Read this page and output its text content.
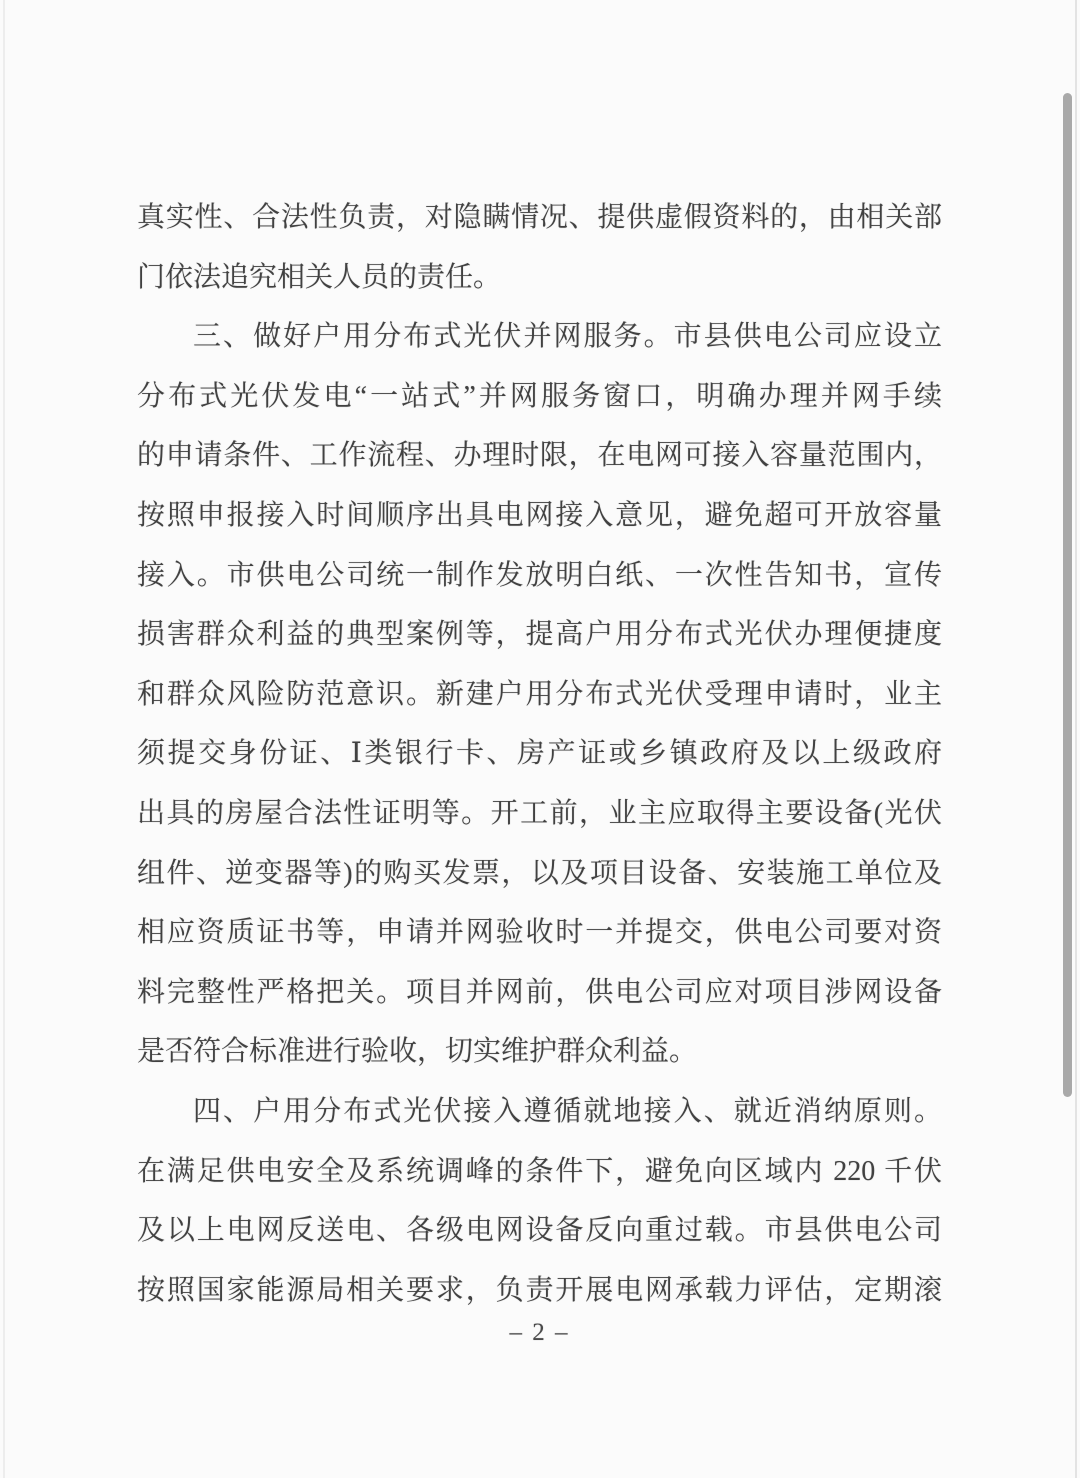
真实性、合法性负责，对隐瞒情况、提供虚假资料的，由相关部
门依法追究相关人员的责任。
三、做好户用分布式光伏并网服务。市县供电公司应设立
分布式光伏发电“一站式”并网服务窗口，明确办理并网手续
的申请条件、工作流程、办理时限，在电网可接入容量范围内，
按照申报接入时间顺序出具电网接入意见，避免超可开放容量
接入。市供电公司统一制作发放明白纸、一次性告知书，宣传
损害群众利益的典型案例等，提高户用分布式光伏办理便捷度
和群众风险防范意识。新建户用分布式光伏受理申请时，业主
须提交身份证、Ⅰ类银行卡、房产证或乡镇政府及以上级政府
出具的房屋合法性证明等。开工前，业主应取得主要设备(光伏
组件、逆变器等)的购买发票，以及项目设备、安装施工单位及
相应资质证书等，申请并网验收时一并提交，供电公司要对资
料完整性严格把关。项目并网前，供电公司应对项目涉网设备
是否符合标准进行验收，切实维护群众利益。
四、户用分布式光伏接入遵循就地接入、就近消纳原则。
在满足供电安全及系统调峰的条件下，避免向区域内 220 千伏
及以上电网反送电、各级电网设备反向重过载。市县供电公司
按照国家能源局相关要求，负责开展电网承载力评估，定期滚
– 2 –
